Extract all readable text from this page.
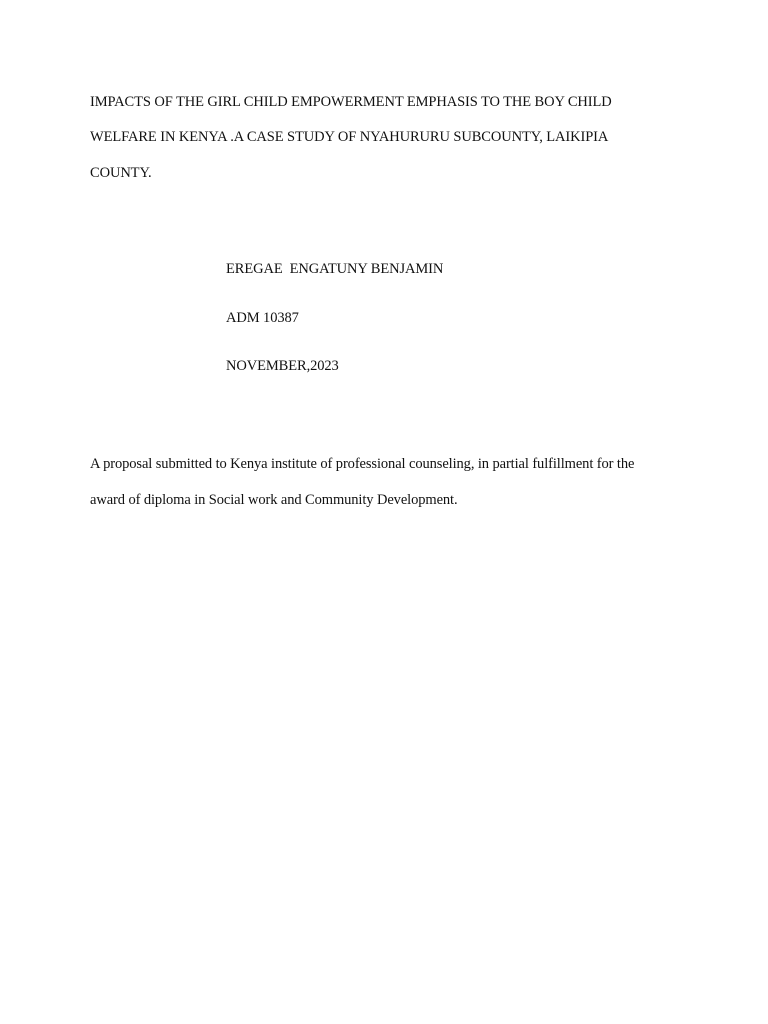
IMPACTS OF THE GIRL CHILD EMPOWERMENT EMPHASIS TO THE BOY CHILD
WELFARE IN KENYA .A CASE STUDY OF NYAHURURU SUBCOUNTY, LAIKIPIA
COUNTY.
EREGAE  ENGATUNY BENJAMIN
ADM 10387
NOVEMBER,2023
A proposal submitted to Kenya institute of professional counseling, in partial fulfillment for the
award of diploma in Social work and Community Development.
